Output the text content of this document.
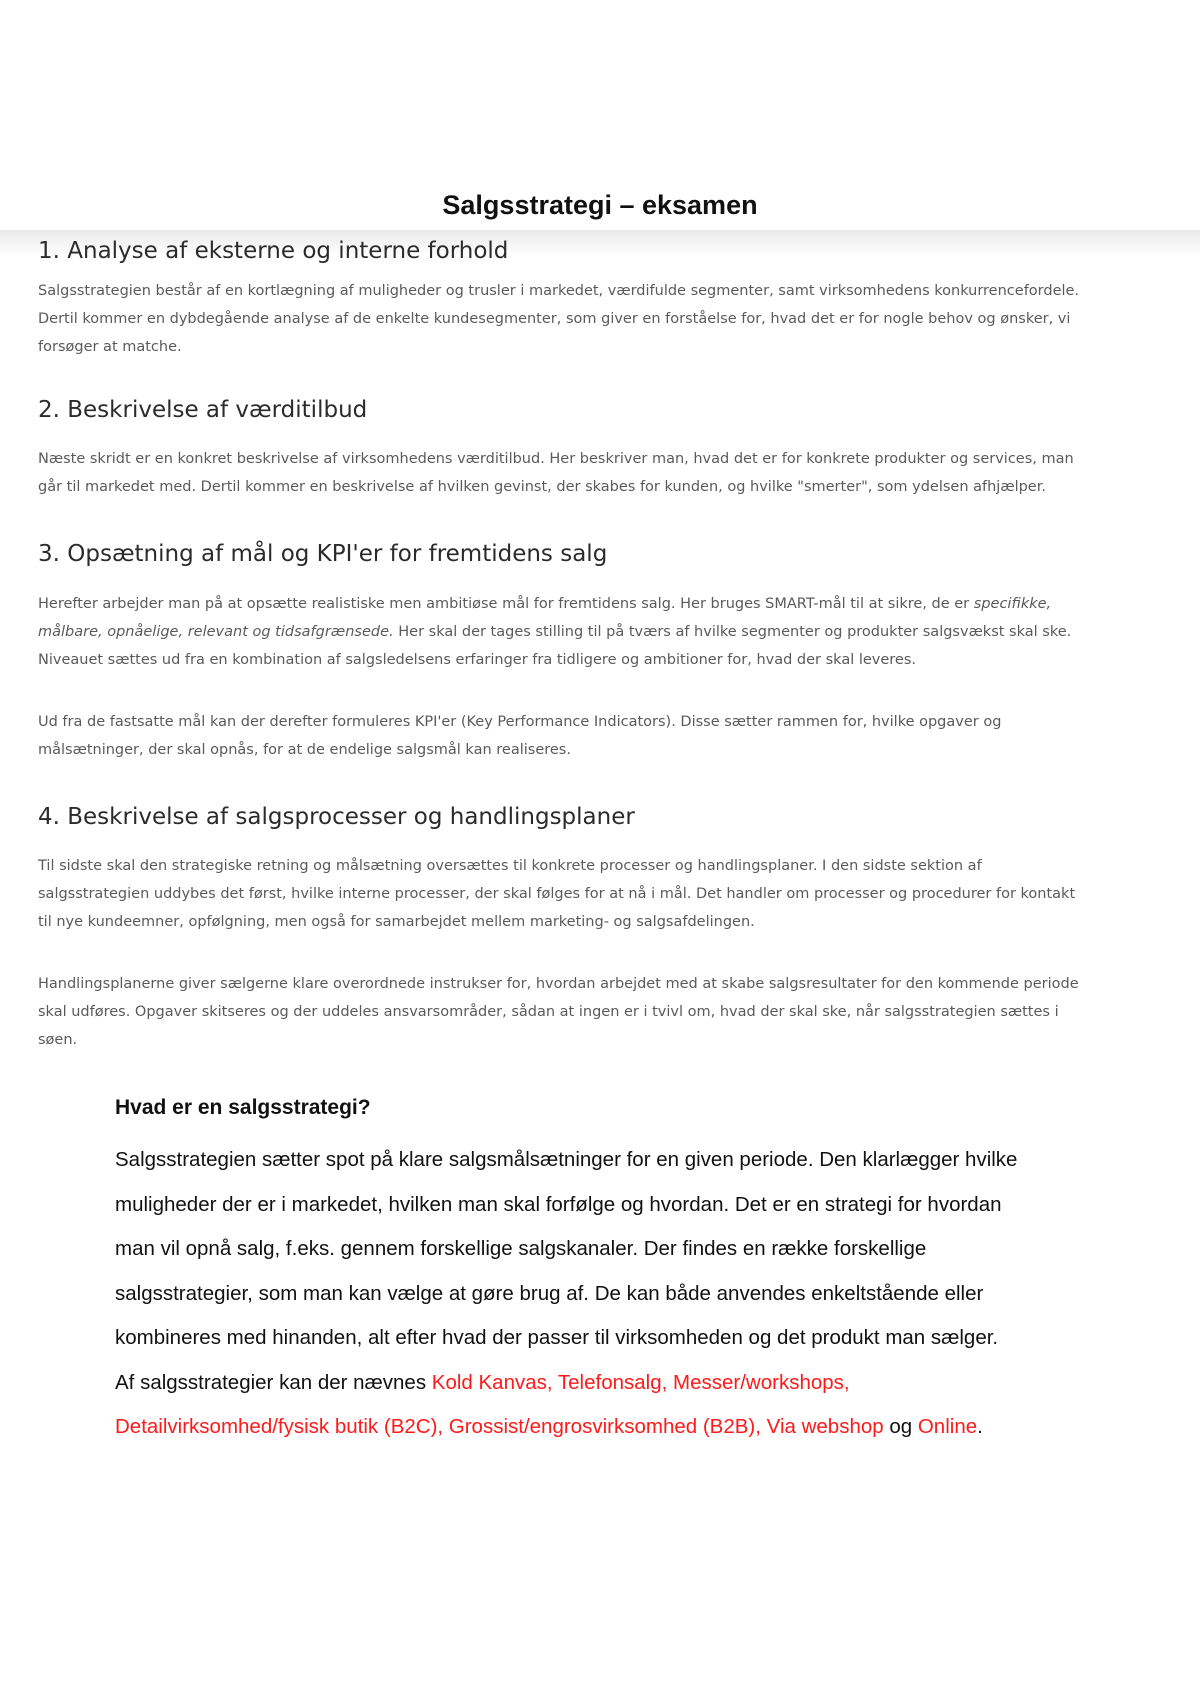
Salgsstrategi – eksamen
1. Analyse af eksterne og interne forhold

Salgsstrategien består af en kortlægning af muligheder og trusler i markedet, værdifulde segmenter, samt virksomhedens konkurrencefordele.
Dertil kommer en dybdegående analyse af de enkelte kundesegmenter, som giver en forståelse for, hvad det er for nogle behov og ønsker, vi
forsøger at matche.

2. Beskrivelse af værditilbud

Næste skridt er en konkret beskrivelse af virksomhedens værditilbud. Her beskriver man, hvad det er for konkrete produkter og services, man
går til markedet med. Dertil kommer en beskrivelse af hvilken gevinst, der skabes for kunden, og hvilke "smerter", som ydelsen afhjælper.

3. Opsætning af mål og KPI'er for fremtidens salg

Herefter arbejder man på at opsætte realistiske men ambitiøse mål for fremtidens salg. Her bruges SMART-mål til at sikre, de er specifikke,
målbare, opnåelige, relevant og tidsafgrænsede. Her skal der tages stilling til på tværs af hvilke segmenter og produkter salgsvækst skal ske.
Niveauet sættes ud fra en kombination af salgsledelsens erfaringer fra tidligere og ambitioner for, hvad der skal leveres.

Ud fra de fastsatte mål kan der derefter formuleres KPI'er (Key Performance Indicators). Disse sætter rammen for, hvilke opgaver og
målsætninger, der skal opnås, for at de endelige salgsmål kan realiseres.

4. Beskrivelse af salgsprocesser og handlingsplaner

Til sidste skal den strategiske retning og målsætning oversættes til konkrete processer og handlingsplaner. I den sidste sektion af
salgsstrategien uddybes det først, hvilke interne processer, der skal følges for at nå i mål. Det handler om processer og procedurer for kontakt
til nye kundeemner, opfølgning, men også for samarbejdet mellem marketing- og salgsafdelingen.

Handlingsplanerne giver sælgerne klare overordnede instrukser for, hvordan arbejdet med at skabe salgsresultater for den kommende periode
skal udføres. Opgaver skitseres og der uddeles ansvarsområder, sådan at ingen er i tvivl om, hvad der skal ske, når salgsstrategien sættes i
søen.

Hvad er en salgsstrategi?

Salgsstrategien sætter spot på klare salgsmålsætninger for en given periode. Den klarlægger hvilke
muligheder der er i markedet, hvilken man skal forfølge og hvordan. Det er en strategi for hvordan
man vil opnå salg, f.eks. gennem forskellige salgskanaler. Der findes en række forskellige
salgsstrategier, som man kan vælge at gøre brug af. De kan både anvendes enkeltstående eller
kombineres med hinanden, alt efter hvad der passer til virksomheden og det produkt man sælger.
Af salgsstrategier kan der nævnes Kold Kanvas, Telefonsalg, Messer/workshops,
Detailvirksomhed/fysisk butik (B2C), Grossist/engrosvirksomhed (B2B), Via webshop og Online.
